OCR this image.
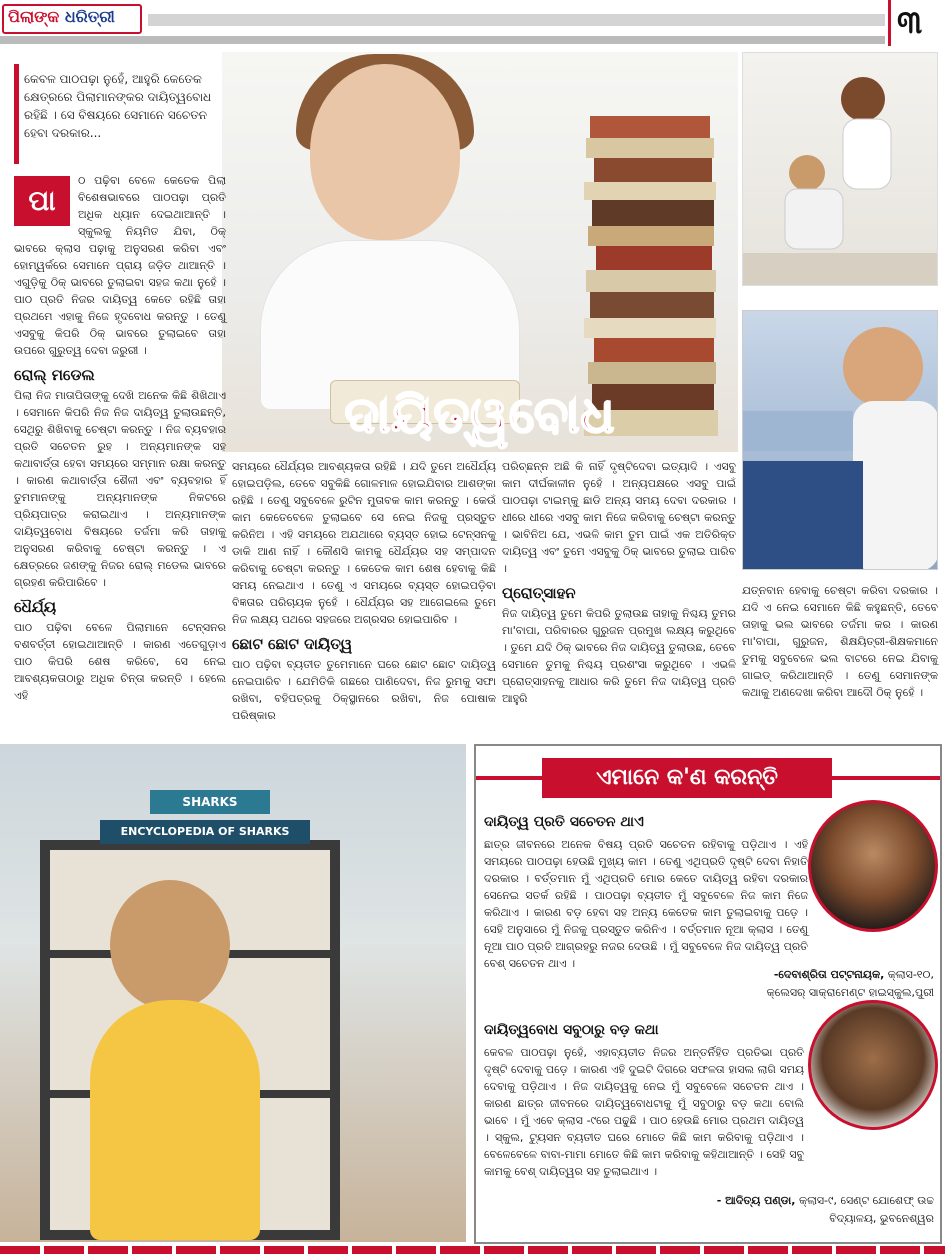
ପିଲାଙ୍କ ଧରିତ୍ରୀ	୩
କେବଳ ପାଠପଢ଼ା ନୁହେଁ, ଆହୁରି କେତେକ କ୍ଷେତ୍ରରେ ପିଲାମାନଙ୍କର ଦାୟିତ୍ୱବୋଧ ରହିଛି । ସେ ବିଷୟରେ ସେମାନେ ସଚେତନ ହେବା ଦରକାର...
ଦାୟିତ୍ୱବୋଧ
ଯତ୍ନବାନ ହେବାକୁ ଚେଷ୍ଟା କରିବା ଦରକାର । ଯଦି ଏ ନେଇ ସେମାନେ କିଛି କହୁଛନ୍ତି, ତେବେ ତାହାକୁ ଭଲ ଭାବରେ ତର୍ଜମା କର । କାରଣ ମା'ବାପା, ଗୁରୁଜନ, ଶିକ୍ଷୟିତ୍ରୀ-ଶିକ୍ଷକମାନେ ତୁମକୁ ସବୁବେଳେ ଭଲ ବାଟରେ ନେଇ ଯିବାକୁ ଗାଇଡ୍ କରିଥାଆନ୍ତି । ତେଣୁ ସେମାନଙ୍କ କଥାକୁ ଅଣଦେଖା କରିବା ଆଦୌ ଠିକ୍ ନୁହେଁ ।
ପା
ଠ ପଢ଼ିବା ବେଳେ କେତେକ ପିଲା ବିଶେଷଭାବରେ ପାଠପଢ଼ା ପ୍ରତି ଅଧିକ ଧ୍ୟାନ ଦେଇଥାଆନ୍ତି । ସ୍କୁଲକୁ ନିୟମିତ ଯିବା, ଠିକ୍ ଭାବରେ କ୍ଲାସ ପଢ଼ାକୁ ଅନୁସରଣ କରିବା ଏବଂ ହୋମ୍‌ୱର୍କରେ ସେମାନେ ପ୍ରାୟ ଜଡ଼ିତ ଥାଆନ୍ତି । ଏଗୁଡ଼ିକୁ ଠିକ୍ ଭାବରେ ତୁଲାଇବା ସହଜ କଥା ନୁହେଁ । ପାଠ ପ୍ରତି ନିଜର ଦାୟିତ୍ୱ କେତେ ରହିଛି ତାହା ପ୍ରଥମେ ଏହାକୁ ନିଜେ ହୃଦବୋଧ କରନ୍ତୁ । ତେଣୁ ଏସବୁକୁ କିପରି ଠିକ୍ ଭାବରେ ତୁଲାଇବେ ତାହା ଉପରେ ଗୁରୁତ୍ୱ ଦେବା ଜରୁରୀ ।
ରୋଲ୍ ମଡେଲ
ପିଲା ନିଜ ମାତାପିତାଙ୍କୁ ଦେଖି ଅନେକ କିଛି ଶିଖିଥାଏ । ସେମାନେ କିପରି ନିଜ ନିଜ ଦାୟିତ୍ୱ ତୁଲାଉଛନ୍ତି, ସେଥିରୁ ଶିଖିବାକୁ ଚେଷ୍ଟା କରନ୍ତୁ । ନିଜ ବ୍ୟବହାର ପ୍ରତି ସଚେତନ ରୁହ । ଅନ୍ୟମାନଙ୍କ ସହ କଥାବାର୍ତ୍ତା ହେବା ସମୟରେ ସମ୍ମାନ ରକ୍ଷା କରନ୍ତୁ । କାରଣ କଥାବାର୍ତ୍ତା ଶୈଳୀ ଏବଂ ବ୍ୟବହାର ହିଁ ତୁମମାନଙ୍କୁ ଅନ୍ୟମାନଙ୍କ ନିକଟରେ ପ୍ରିୟପାତ୍ର କରାଇଥାଏ । ଅନ୍ୟମାନଙ୍କ ଦାୟିତ୍ୱବୋଧ ବିଷୟରେ ତର୍ଜମା କରି ତାହାକୁ ଅନୁସରଣ କରିବାକୁ ଚେଷ୍ଟା କରନ୍ତୁ । ଏ କ୍ଷେତ୍ରରେ ଜଣଙ୍କୁ ନିଜର ରୋଲ୍ ମଡେଲ ଭାବରେ ଗ୍ରହଣ କରିପାରିବେ ।
ଧୈର୍ଯ୍ୟ
ପାଠ ପଢ଼ିବା ବେଳେ ପିଲାମାନେ ଟେନ୍‌ସନର ବଶବର୍ତ୍ତୀ ହୋଇଥାଆନ୍ତି । କାରଣ ଏତେଗୁଡ଼ାଏ ପାଠ କିପରି ଶେଷ କରିବେ, ସେ ନେଇ ଆବଶ୍ୟକତାଠାରୁ ଅଧିକ ଚିନ୍ତା କରନ୍ତି । ହେଲେ ଏହି
ସମୟରେ ଧୈର୍ଯ୍ୟର ଆବଶ୍ୟକତା ରହିଛି । ଯଦି ତୁମେ ଅଧୈର୍ଯ୍ୟ ହୋଇପଡ଼ିଲ, ତେବେ ସବୁକିଛି ଗୋଳମାଳ ହୋଇଯିବାର ଆଶଙ୍କା ରହିଛି । ତେଣୁ ସବୁବେଳେ ରୁଟିନ ମୁତାବକ କାମ କରନ୍ତୁ । କେଉଁ କାମ କେତେବେଳେ ତୁଲାଇବେ ସେ ନେଇ ନିଜକୁ ପ୍ରସ୍ତୁତ କରିନିଅ । ଏହି ସମୟରେ ଅଯଥାରେ ବ୍ୟସ୍ତ ହୋଇ ଟେନ୍‌ସନକୁ ଡାକି ଆଣ ନାହିଁ । କୌଣସି କାମକୁ ଧୈର୍ଯ୍ୟର ସହ ସମ୍ପାଦନ କରିବାକୁ ଚେଷ୍ଟା କରନ୍ତୁ । କେତେକ କାମ ଶେଷ ହେବାକୁ କିଛି ସମୟ ନେଇଥାଏ । ତେଣୁ ଏ ସମୟରେ ବ୍ୟସ୍ତ ହୋଇପଡ଼ିବା ବିଜ୍ଞତାର ପରିଚାୟକ ନୁହେଁ । ଧୈର୍ଯ୍ୟର ସହ ଆଗେଇଲେ ତୁମେ ନିଜ ଲକ୍ଷ୍ୟ ପଥରେ ସହଜରେ ଅଗ୍ରସର ହୋଇପାରିବ ।
ଛୋଟ ଛୋଟ ଦାୟିତ୍ୱ
ପାଠ ପଢ଼ିବା ବ୍ୟତୀତ ତୁମେମାନେ ଘରେ ଛୋଟ ଛୋଟ ଦାୟିତ୍ୱ ନେଇପାରିବ । ଯେମିତିକି ଗଛରେ ପାଣିଦେବା, ନିଜ ରୁମକୁ ସଫା ରଖିବା, ବହିପତ୍ରକୁ ଠିକ୍‌ସ୍ଥାନରେ ରଖିବା, ନିଜ ପୋଷାକ ପରିଷ୍କାର
ପରିଚ୍ଛନ୍ନ ଅଛି କି ନାହିଁ ଦୃଷ୍ଟିଦେବା ଇତ୍ୟାଦି । ଏସବୁ କାମ ଦୀର୍ଘକାଳୀନ ନୁହେଁ । ଅନ୍ୟପକ୍ଷରେ ଏସବୁ ପାଇଁ ପାଠପଢ଼ା ଟାଇମ୍‌କୁ ଛାଡି ଅନ୍ୟ ସମୟ ଦେବା ଦରକାର । ଧୀରେ ଧୀରେ ଏସବୁ କାମ ନିଜେ କରିବାକୁ ଚେଷ୍ଟା କରନ୍ତୁ । ଭାବିନିଅ ଯେ, ଏଭଳି କାମ ତୁମ ପାଇଁ ଏକ ଅତିରିକ୍ତ ଦାୟିତ୍ୱ ଏବଂ ତୁମେ ଏସବୁକୁ ଠିକ୍ ଭାବରେ ତୁଲାଇ ପାରିବ ।
ପ୍ରୋତ୍ସାହନ
ନିଜ ଦାୟିତ୍ୱ ତୁମେ କିପରି ତୁଲାଉଛ ତାହାକୁ ନିଶ୍ଚୟ ତୁମର ମା'ବାପା, ପରିବାରର ଗୁରୁଜନ ପ୍ରମୁଖ ଲକ୍ଷ୍ୟ କରୁଥିବେ । ତୁମେ ଯଦି ଠିକ୍ ଭାବରେ ନିଜ ଦାୟିତ୍ୱ ତୁଲାଉଛ, ତେବେ ସେମାନେ ତୁମକୁ ନିଶ୍ଚୟ ପ୍ରଶଂସା କରୁଥିବେ । ଏଭଳି ପ୍ରୋତ୍ସାହନକୁ ଆଧାର କରି ତୁମେ ନିଜ ଦାୟିତ୍ୱ ପ୍ରତି ଆହୁରି
SHARKS
ENCYCLOPEDIA OF SHARKS
ଏମାନେ କ'ଣ କରନ୍ତି
ଦାୟିତ୍ୱ ପ୍ରତି ସଚେତନ ଥାଏ
ଛାତ୍ର ଜୀବନରେ ଅନେକ ବିଷୟ ପ୍ରତି ସଚେତନ ରହିବାକୁ ପଡ଼ିଥାଏ । ଏହି ସମୟରେ ପାଠପଢ଼ା ହେଉଛି ମୁଖ୍ୟ କାମ । ତେଣୁ ଏଥିପ୍ରତି ଦୃଷ୍ଟି ଦେବା ନିହାତି ଦରକାର । ବର୍ତ୍ତମାନ ମୁଁ ଏଥିପ୍ରତି ମୋର କେତେ ଦାୟିତ୍ୱ ରହିବା ଦରକାର ସେନେଇ ସତର୍କ ରହିଛି । ପାଠପଢ଼ା ବ୍ୟତୀତ ମୁଁ ସବୁବେଳେ ନିଜ କାମ ନିଜେ କରିଥାଏ । କାରଣ ବଡ଼ ହେବା ସହ ଅନ୍ୟ କେତେକ କାମ ତୁଲାଇବାକୁ ପଡ଼େ । ସେହି ଅନୁସାରେ ମୁଁ ନିଜକୁ ପ୍ରସ୍ତୁତ କରିନିଏ । ବର୍ତ୍ତମାନ ନୂଆ କ୍ଲାସ । ତେଣୁ ନୂଆ ପାଠ ପ୍ରତି ଆଗ୍ରହରୁ ନଜର ଦେଉଛି । ମୁଁ ସବୁବେଳେ ନିଜ ଦାୟିତ୍ୱ ପ୍ରତି ବେଶ୍ ସଚେତନ ଥାଏ ।
-ଦେବାଶ୍ରିତା ପଟ୍ଟନାୟକ, କ୍ଲାସ-୧୦,
କ୍ଲେସର୍ ସାକ୍ରାମେଣ୍ଟ ହାଇସ୍କୁଲ,ପୁରୀ
ଦାୟିତ୍ୱବୋଧ ସବୁଠାରୁ ବଡ଼ କଥା
କେବଳ ପାଠପଢ଼ା ନୁହେଁ, ଏହାବ୍ୟତୀତ ନିଜର ଅନ୍ତର୍ନିହିତ ପ୍ରତିଭା ପ୍ରତି ଦୃଷ୍ଟି ଦେବାକୁ ପଡ଼େ । କାରଣ ଏହି ଦୁଇଟି ଦିଗରେ ସଫଳତା ହାସଲ ଲାଗି ସମୟ ଦେବାକୁ ପଡ଼ିଥାଏ । ନିଜ ଦାୟିତ୍ୱକୁ ନେଇ ମୁଁ ସବୁବେଳେ ସଚେତନ ଥାଏ । କାରଣ ଛାତ୍ର ଜୀବନରେ ଦାୟିତ୍ୱବୋଧଟାକୁ ମୁଁ ସବୁଠାରୁ ବଡ଼ କଥା ବୋଲି ଭାବେ । ମୁଁ ଏବେ କ୍ଲାସ -୯ରେ ପଢୁଛି । ପାଠ ହେଉଛି ମୋର ପ୍ରଥମ ଦାୟିତ୍ୱ । ସ୍କୁଲ, ଟ୍ୟୁସନ ବ୍ୟତୀତ ଘରେ ମୋତେ କିଛି କାମ କରିବାକୁ ପଡ଼ିଥାଏ । ବେଳେବେଳେ ବାବା-ମାମା ମୋତେ କିଛି କାମ କରିବାକୁ କହିଥାଆନ୍ତି । ସେହି ସବୁ କାମକୁ ବେଶ୍ ଦାୟିତ୍ୱର ସହ ତୁଲାଇଥାଏ ।
- ଆଦିତ୍ୟ ପଣ୍ଡା, କ୍ଲାସ-୯, ସେଣ୍ଟ ଯୋଶେଫ୍ ଉଚ୍ଚ
ବିଦ୍ୟାଳୟ, ଭୁବନେଶ୍ୱର
